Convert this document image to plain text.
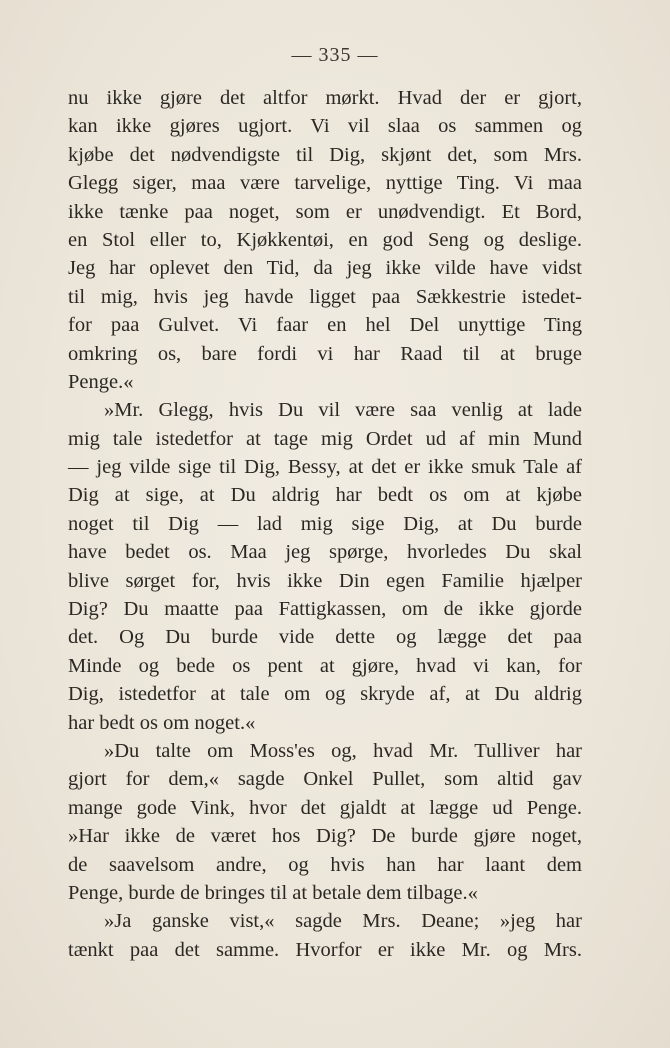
— 335 —
nu ikke gjøre det altfor mørkt. Hvad der er gjort,
kan ikke gjøres ugjort. Vi vil slaa os sammen og
kjøbe det nødvendigste til Dig, skjønt det, som Mrs.
Glegg siger, maa være tarvelige, nyttige Ting. Vi maa
ikke tænke paa noget, som er unødvendigt. Et Bord,
en Stol eller to, Kjøkkentøi, en god Seng og deslige.
Jeg har oplevet den Tid, da jeg ikke vilde have vidst
til mig, hvis jeg havde ligget paa Sækkestrie istedet-
for paa Gulvet. Vi faar en hel Del unyttige Ting
omkring os, bare fordi vi har Raad til at bruge
Penge.«
»Mr. Glegg, hvis Du vil være saa venlig at lade
mig tale istedetfor at tage mig Ordet ud af min Mund
— jeg vilde sige til Dig, Bessy, at det er ikke smuk Tale af
Dig at sige, at Du aldrig har bedt os om at kjøbe
noget til Dig — lad mig sige Dig, at Du burde
have bedet os. Maa jeg spørge, hvorledes Du skal
blive sørget for, hvis ikke Din egen Familie hjælper
Dig? Du maatte paa Fattigkassen, om de ikke gjorde
det. Og Du burde vide dette og lægge det paa
Minde og bede os pent at gjøre, hvad vi kan, for
Dig, istedetfor at tale om og skryde af, at Du aldrig
har bedt os om noget.«
»Du talte om Moss'es og, hvad Mr. Tulliver har
gjort for dem,« sagde Onkel Pullet, som altid gav
mange gode Vink, hvor det gjaldt at lægge ud Penge.
»Har ikke de været hos Dig? De burde gjøre noget,
de saavelsom andre, og hvis han har laant dem
Penge, burde de bringes til at betale dem tilbage.«
»Ja ganske vist,« sagde Mrs. Deane; »jeg har
tænkt paa det samme. Hvorfor er ikke Mr. og Mrs.
